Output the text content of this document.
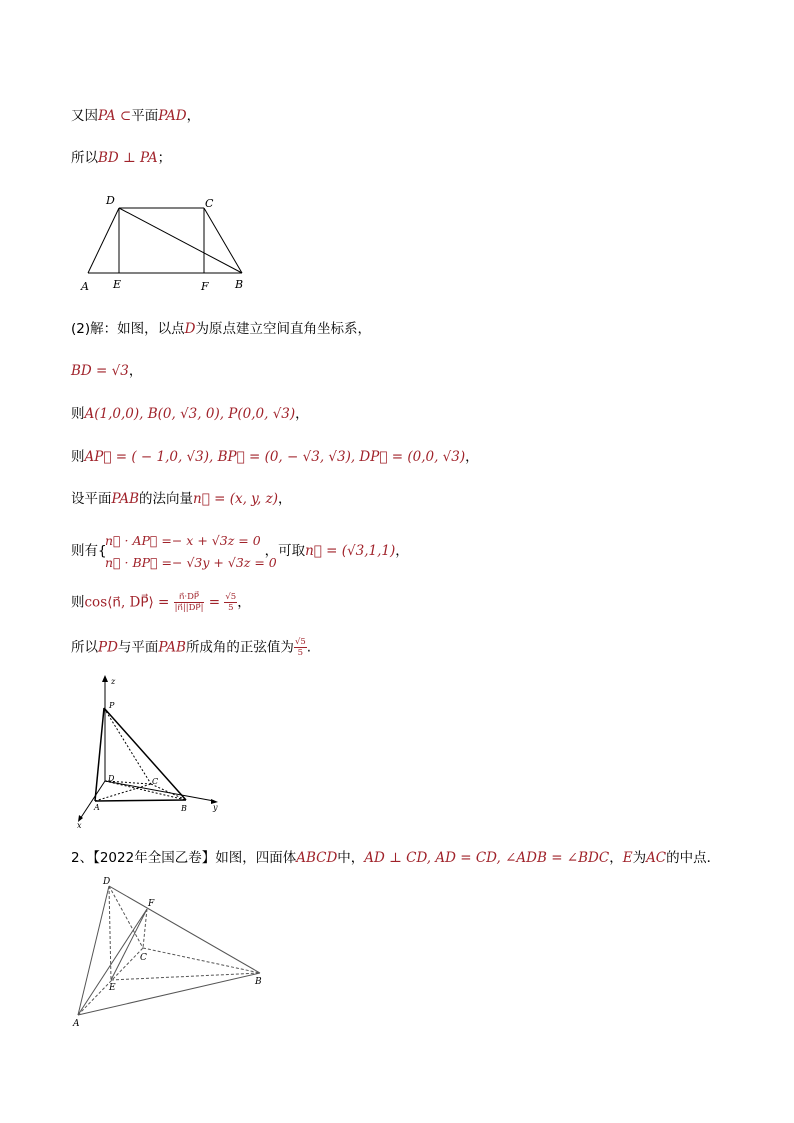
又因PA ⊂平面PAD，
所以BD ⊥ PA；
A E	F B
D	C
(2)解：如图，以点D为原点建立空间直角坐标系，
BD = √3，
则A(1,0,0), B(0, √3, 0), P(0,0, √3)，
则AP⃗ = ( − 1,0, √3), BP⃗ = (0, − √3, √3), DP⃗ = (0,0, √3)，
设平面PAB的法向量n⃗ = (x, y, z)，
则有{	，可取n⃗ = (√3,1,1)，
n⃗ · AP⃗ =− x + √3z = 0
n⃗ · BP⃗ =− √3y + √3z = 0
则cos⟨n⃗, DP⃗⟩ = $\frac{n⃗\cdot DP⃗}{|n⃗||DP⃗|} = \frac{√5}{5}$ ，
所以PD与平面PAB所成角的正弦值为 $\frac{√5}{5}$ .
z
P
D	C
A	B	y
x
2、【2022年全国乙卷】如图，四面体ABCD中，AD ⊥ CD, AD = CD, ∠ADB = ∠BDC，E为AC的中点．
D
F
C
E
B
A
